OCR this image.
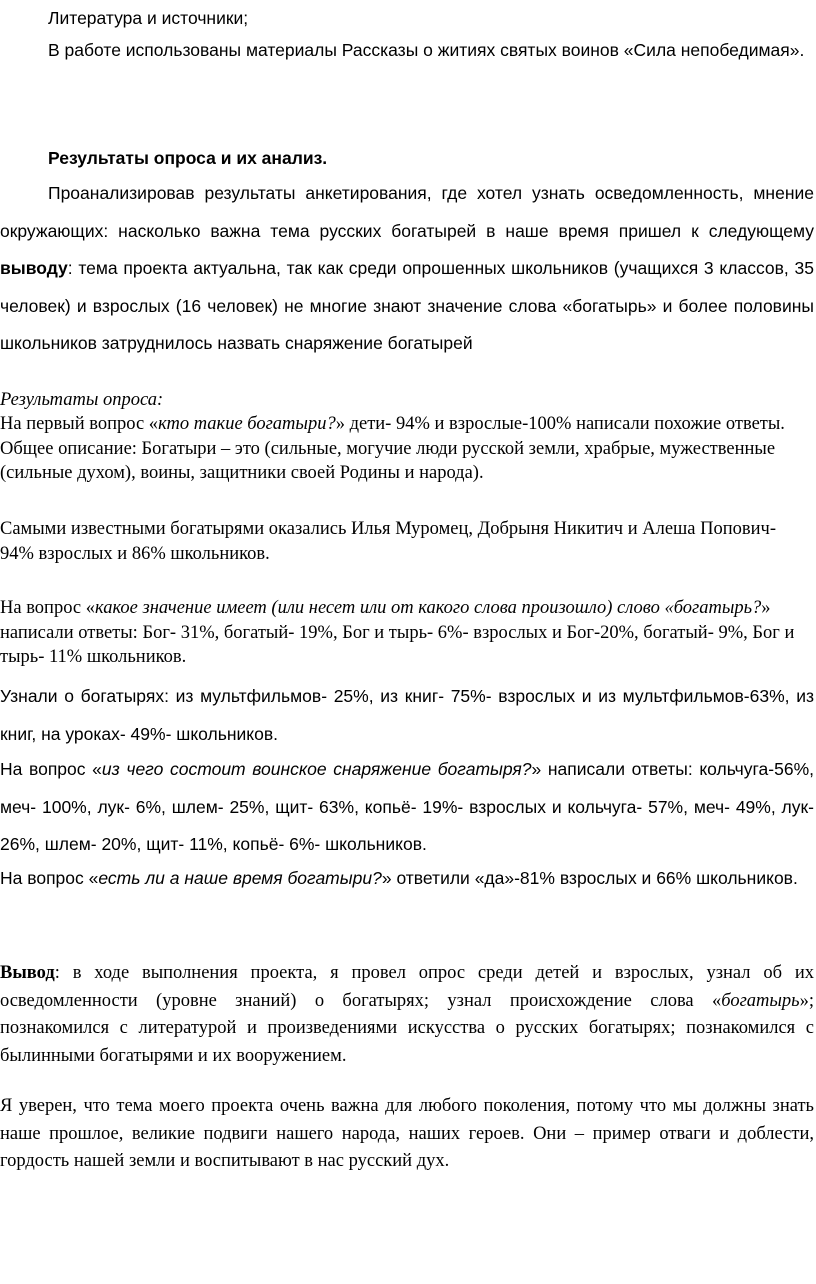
Литература и источники;

В работе использованы материалы Рассказы о житиях святых воинов «Сила непобедимая».

Результаты опроса и их анализ.

Проанализировав результаты анкетирования, где хотел узнать осведомленность, мнение окружающих: насколько важна тема русских богатырей в наше время пришел к следующему выводу: тема проекта актуальна, так как среди опрошенных школьников (учащихся 3 классов, 35 человек) и взрослых (16 человек) не многие знают значение слова «богатырь» и более половины школьников затруднилось назвать снаряжение богатырей

Результаты опроса:

На первый вопрос «кто такие богатыри?» дети- 94% и взрослые-100% написали похожие ответы. Общее описание: Богатыри – это (сильные, могучие люди русской земли, храбрые, мужественные (сильные духом), воины, защитники своей Родины и народа).

Самыми известными богатырями оказались Илья Муромец, Добрыня Никитич и Алеша Попович- 94% взрослых и 86% школьников.

На вопрос «какое значение имеет (или несет или от какого слова произошло) слово «богатырь?» написали ответы: Бог- 31%, богатый- 19%, Бог и тырь- 6%- взрослых и Бог-20%, богатый- 9%, Бог и тырь- 11% школьников.

Узнали о богатырях: из мультфильмов- 25%, из книг- 75%- взрослых и из мультфильмов-63%, из книг, на уроках- 49%- школьников.

На вопрос «из чего состоит воинское снаряжение богатыря?» написали ответы: кольчуга-56%, меч- 100%, лук- 6%, шлем- 25%, щит- 63%, копьё- 19%- взрослых и кольчуга- 57%, меч- 49%, лук- 26%, шлем- 20%, щит- 11%, копьё- 6%- школьников.

На вопрос «есть ли а наше время богатыри?» ответили «да»-81% взрослых и 66% школьников.

Вывод: в ходе выполнения проекта, я провел опрос среди детей и взрослых, узнал об их осведомленности (уровне знаний) о богатырях; узнал происхождение слова «богатырь»; познакомился с литературой и произведениями искусства о русских богатырях; познакомился с былинными богатырями и их вооружением.

Я уверен, что тема моего проекта очень важна для любого поколения, потому что мы должны знать наше прошлое, великие подвиги нашего народа, наших героев. Они – пример отваги и доблести, гордость нашей земли и воспитывают в нас русский дух.
